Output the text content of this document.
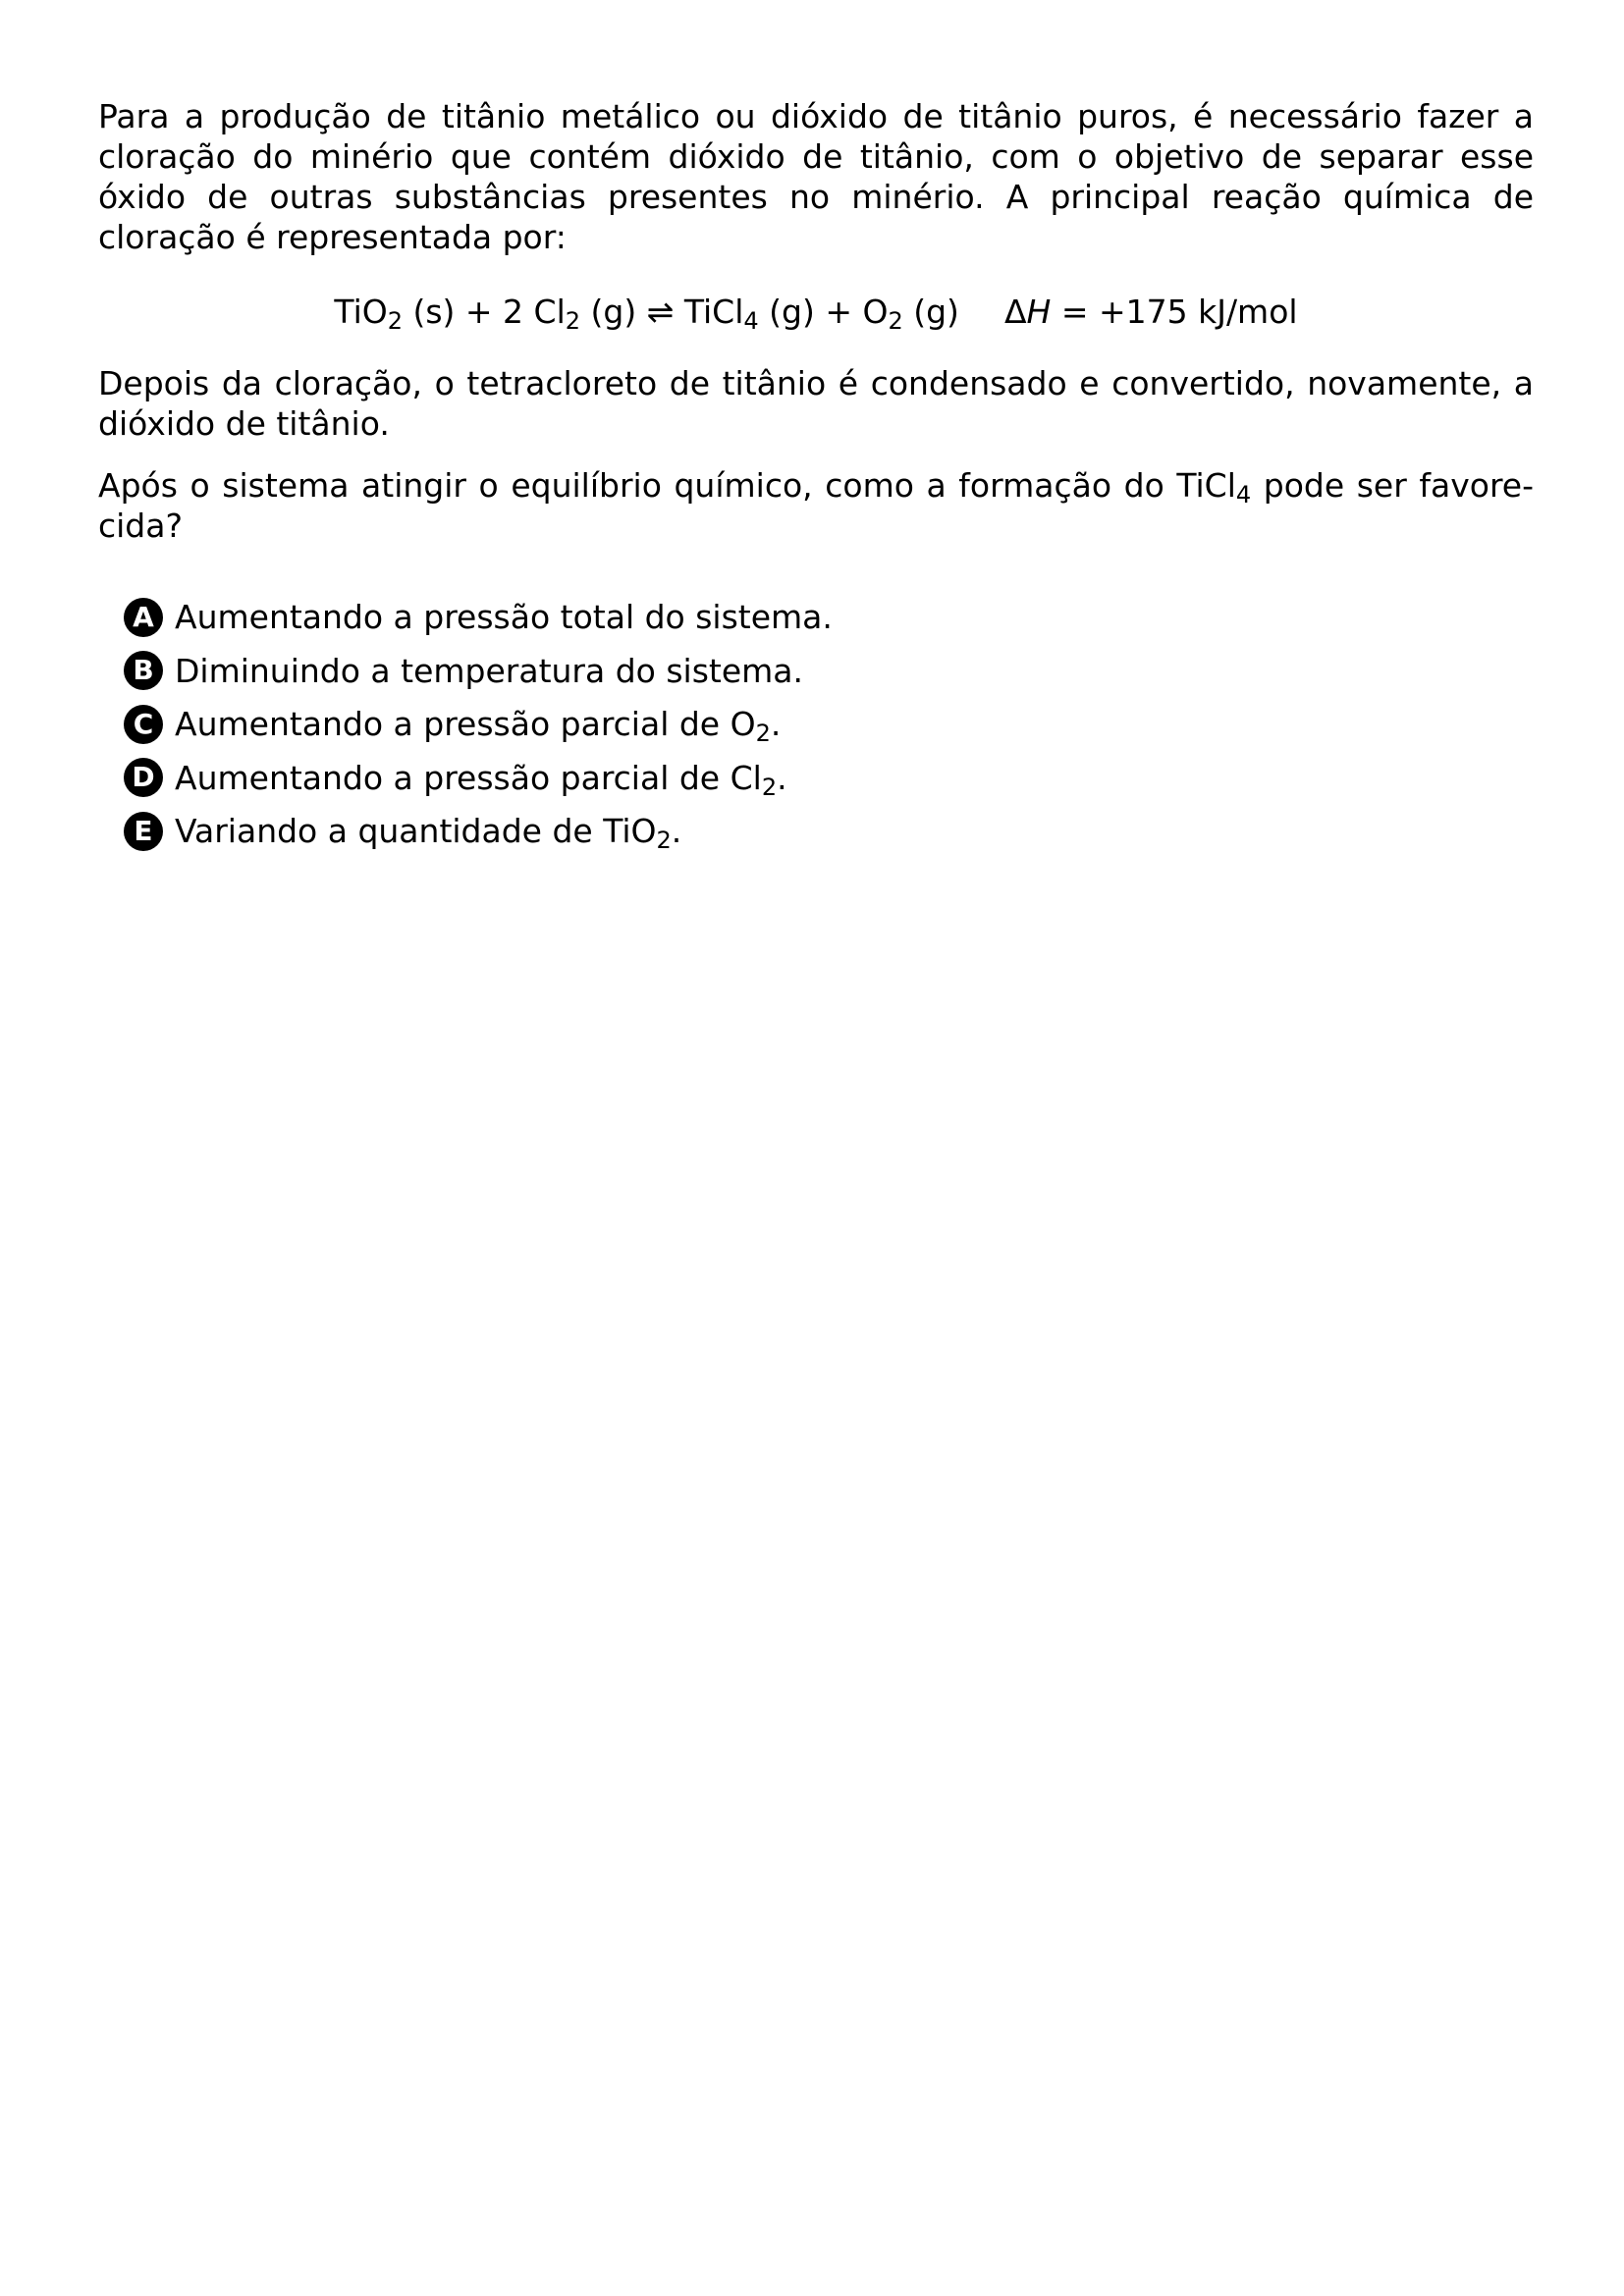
Para a produção de titânio metálico ou dióxido de titânio puros, é necessário fazer a cloração do minério que contém dióxido de titânio, com o objetivo de separar esse óxido de outras substâncias presentes no minério. A principal reação química de cloração é representada por:

TiO$_2$ (s) + 2 $Cl_2$ (g) ⇌ TiCl$_4$ $(g) + O_2$ (g) ΔH = +175 kJ/mol

Depois da cloração, o tetracloreto de titânio é condensado e convertido, novamente, a dióxido de titânio.

Após o sistema atingir o equilíbrio químico, como a formação do TiCl$_4$ pode ser favore-cida?

A Aumentando a pressão total do sistema.
B Diminuindo a temperatura do sistema.
C Aumentando a pressão parcial de $O_2$.
D Aumentando a pressão parcial de $Cl_2$.
E Variando a quantidade de TiO$_2$.
